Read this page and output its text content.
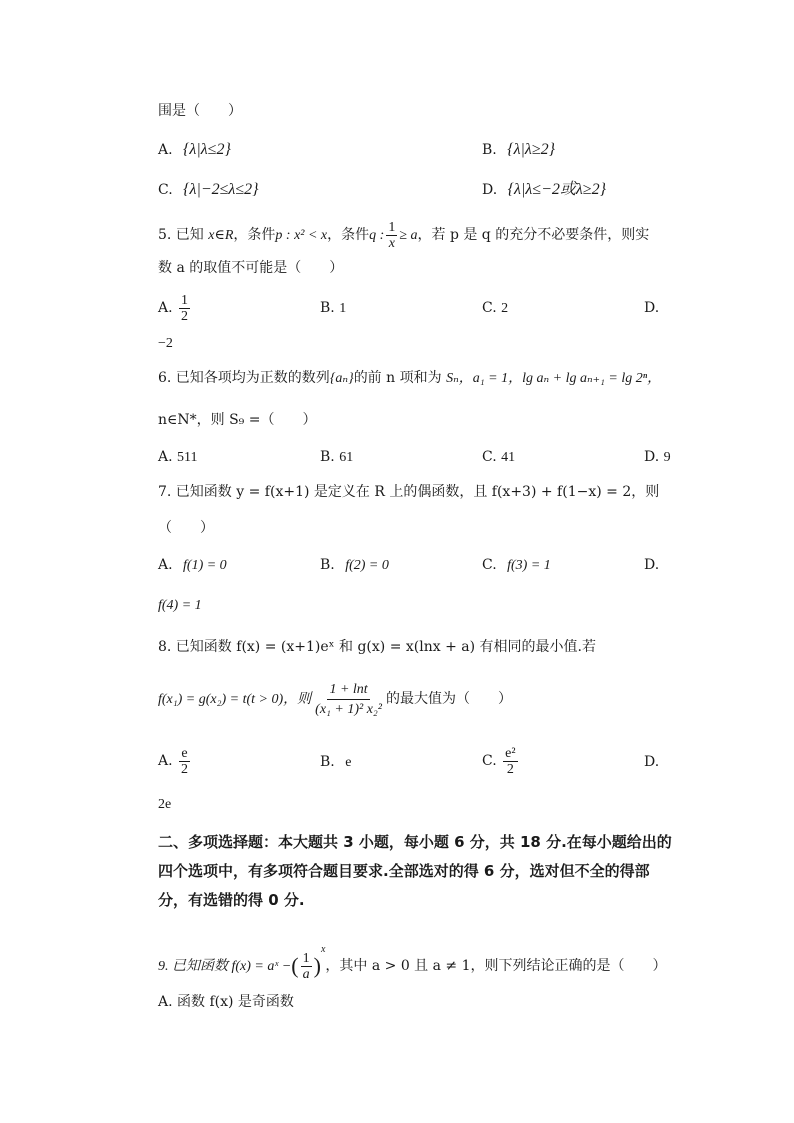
围是（　　）
A. {λ|λ≤2}	B. {λ|λ≥2}
C. {λ|−2≤λ≤2}	D. {λ|λ≤−2或λ≥2}
5. 已知 x∈R，条件p : x² < x，条件q : $\frac{1}{x} \ge a$，若 p 是 q 的充分不必要条件，则实
数 a 的取值不可能是（　　）
A. $\frac{1}{2}$	B. 1	C. 2	D.
−2
6. 已知各项均为正数的数列{aₙ}的前 n 项和为 Sₙ，a₁ = 1，lg aₙ + lg aₙ₊₁ = lg 2ⁿ，
n∈N*，则 S₉ =（　　）
A. 511	B. 61	C. 41	D. 9
7. 已知函数 y = f(x+1) 是定义在 R 上的偶函数，且 f(x+3) + f(1−x) = 2，则
（　　）
A. f(1) = 0	B. f(2) = 0	C. f(3) = 1	D.
f(4) = 1
8. 已知函数 f(x) = (x+1)eˣ 和 g(x) = x(lnx + a) 有相同的最小值.若
f(x₁) = g(x₂) = t(t > 0)，则 $\frac{1 + \ln t}{\text{(x₁ + 1)² x₂²}}$ 的最大值为（　　）
A. $\frac{e}{2}$	B. e	C. $\frac{\text{e²}}{2}$	D.
2e
二、多项选择题：本大题共 3 小题，每小题 6 分，共 18 分.在每小题给出的四个选项中，有多项符合题目要求.全部选对的得 6 分，选对但不全的得部分，有选错的得 0 分.
9. 已知函数 f(x) = aˣ −( $\frac{1}{a} )^x$，其中 a > 0 且 a ≠ 1，则下列结论正确的是（　　）
A. 函数 f(x) 是奇函数
